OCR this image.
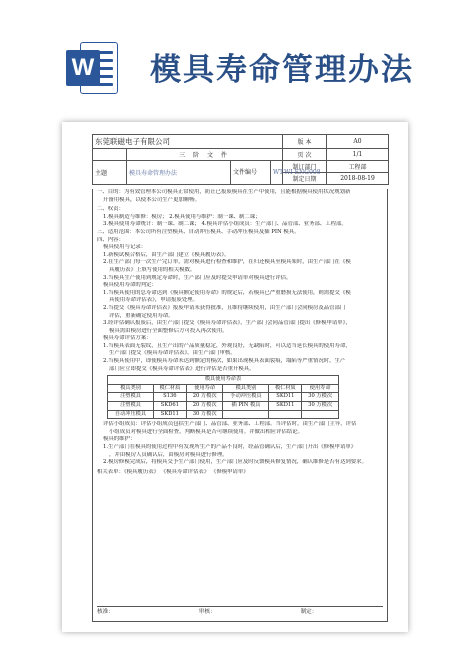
W 模具寿命管理办法
东莞联磁电子有限公司				版 本	A0
	三 阶 文 件			页 次	1/1
主题	模具寿命管理办法	文件编号	WT-WI-ENG008	制订部门	工程部
				制定日期	2018-08-19

一、目的：为有效管理本公司模具正常使用，防止已报废模具在生产中使用，且能根据模具使用状况规划新

开备用模具，以使本公司生产更加顺畅。

二、权责：

1.模具制造与维修：模房； 2.模具使用与维护：制一课、制二课；

3.模具使用寿命统计：制一课、制二课； 4.模具评估小组成员：生产部门、品管部、业务部、工程部。

三、适用范围：本公司所有注塑模具、自动冲压模具、手动冲压模具及插 PIN 模具。

四、内容：

模具使用与记录：

1.新模试模合格后，由生产部门建立《模具履历表》。

2.在生产部门每一次生产完订单，需对模具进行检查和维护，在归还模具至模具架时，由生产部门在《模

具履历表》上填写使用的相关模数。

3.当模具生产使用到规定寿命时，生产部门应及时提交申请单对模具进行评估。

模具使用寿命的判定：

1.当模具使用的总寿命达到《模具额定使用寿命》的规定后，若模具已严重磨损无法使用，则需提交《模

具使用寿命评估表》，申请报废处理。

2.当提交《模具寿命评估表》报废申请未获得批准，且维持继续使用，由生产部门会同模房及品管部门

评估，重新确定使用寿命。

3.经评估确认报废后，由生产部门提交《模具寿命评估表》，生产部门会同品管部门提出《修模申请单》，

模具需由模房进行全面整修后方可投入再次使用。

模具寿命评估方案：

1.当模具表面无裂纹，且生产出的产品质量稳定，外观良好，无缺陷时，可以适当延长模具的使用寿命，

生产部门提交《模具寿命评估表》，由生产部门审核。

2.当模具使用中，即使模具寿命未达到额定的模次，如果出现模具表面裂痕，塌陷等严重情况时，生产

部门应立即提交《模具寿命评估表》进行评估是否重开模具。

模具使用寿命表					
模具类别	模仁材质	使用寿命	模具类别	模仁材质	使用寿命
注塑模具	S136	20 万模次	手动冲压模具	SKD11	30 万模次
注塑模具	SKD61	20 万模次	插 PIN 模具	SKD11	30 万模次
自动冲压模具	SKD11	30 万模次			

评估小组成员：评估小组成员包括生产部门、品管部、业务部、工程部。当评估时，由生产部门主导，评估

小组成员对模具进行全面检查，判断模具是否可继续使用。并做出相应评估结论。

模具的维护：

1.生产部门在模具的使用过程中有发现所生产的产品不良时，经品管确认后，生产部门开出《修模申请单》

，并由模房人员确认后，由模房对模具进行修理。

2.模房修模完成后，将模具交予生产部门使用，生产部门应及时反馈模具修复情况，确认维修是否有达到要求。

相关表单：《模具履历表》 《模具寿命评估表》 《修模申请单》

核准：	审核：	制定：
